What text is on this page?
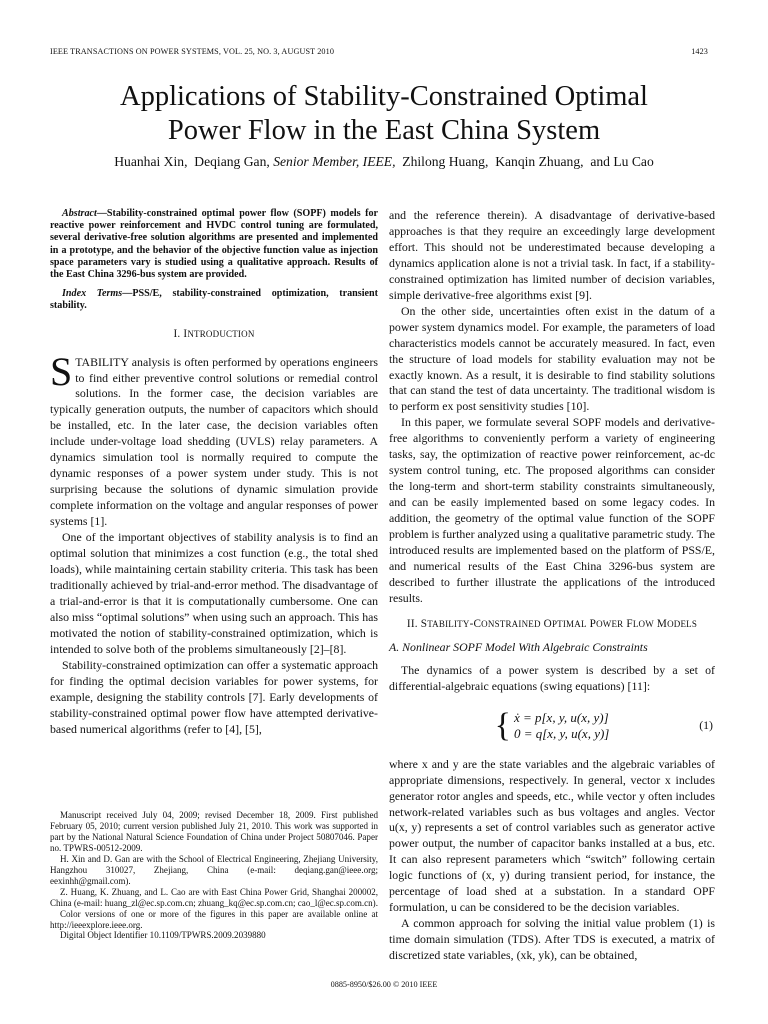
IEEE TRANSACTIONS ON POWER SYSTEMS, VOL. 25, NO. 3, AUGUST 2010	1423
Applications of Stability-Constrained Optimal
Power Flow in the East China System
Huanhai Xin, Deqiang Gan, Senior Member, IEEE, Zhilong Huang, Kanqin Zhuang, and Lu Cao
Abstract—Stability-constrained optimal power flow (SOPF) models for reactive power reinforcement and HVDC control tuning are formulated, several derivative-free solution algorithms are presented and implemented in a prototype, and the behavior of the objective function value as injection space parameters vary is studied using a qualitative approach. Results of the East China 3296-bus system are provided.
Index Terms—PSS/E, stability-constrained optimization, transient stability.
I. INTRODUCTION

STABILITY analysis is often performed by operations engineers to find either preventive control solutions or remedial control solutions. In the former case, the decision variables are typically generation outputs, the number of capacitors which should be installed, etc. In the later case, the decision variables often include under-voltage load shedding (UVLS) relay parameters. A dynamics simulation tool is normally required to compute the dynamic responses of a power system under study. This is not surprising because the solutions of dynamic simulation provide complete information on the voltage and angular responses of power systems [1].

One of the important objectives of stability analysis is to find an optimal solution that minimizes a cost function (e.g., the total shed loads), while maintaining certain stability criteria. This task has been traditionally achieved by trial-and-error method. The disadvantage of a trial-and-error is that it is computationally cumbersome. One can also miss “optimal solutions” when using such an approach. This has motivated the notion of stability-constrained optimization, which is intended to solve both of the problems simultaneously [2]–[8].

Stability-constrained optimization can offer a systematic approach for finding the optimal decision variables for power systems, for example, designing the stability controls [7]. Early developments of stability-constrained optimal power flow have attempted derivative-based numerical algorithms (refer to [4], [5],

Manuscript received July 04, 2009; revised December 18, 2009. First published February 05, 2010; current version published July 21, 2010. This work was supported in part by the National Natural Science Foundation of China under Project 50807046. Paper no. TPWRS-00512-2009.

H. Xin and D. Gan are with the School of Electrical Engineering, Zhejiang University, Hangzhou 310027, Zhejiang, China (e-mail: deqiang.gan@ieee.org; eexinhh@gmail.com).

Z. Huang, K. Zhuang, and L. Cao are with East China Power Grid, Shanghai 200002, China (e-mail: huang_zl@ec.sp.com.cn; zhuang_kq@ec.sp.com.cn; cao_l@ec.sp.com.cn).

Color versions of one or more of the figures in this paper are available online at http://ieeexplore.ieee.org.

Digital Object Identifier 10.1109/TPWRS.2009.2039880

and the reference therein). A disadvantage of derivative-based approaches is that they require an exceedingly large development effort. This should not be underestimated because developing a dynamics application alone is not a trivial task. In fact, if a stability-constrained optimization has limited number of decision variables, simple derivative-free algorithms exist [9].

On the other side, uncertainties often exist in the datum of a power system dynamics model. For example, the parameters of load characteristics models cannot be accurately measured. In fact, even the structure of load models for stability evaluation may not be exactly known. As a result, it is desirable to find stability solutions that can stand the test of data uncertainty. The traditional wisdom is to perform ex post sensitivity studies [10].

In this paper, we formulate several SOPF models and derivative-free algorithms to conveniently perform a variety of engineering tasks, say, the optimization of reactive power reinforcement, ac-dc system control tuning, etc. The proposed algorithms can consider the long-term and short-term stability constraints simultaneously, and can be easily implemented based on some legacy codes. In addition, the geometry of the optimal value function of the SOPF problem is further analyzed using a qualitative parametric study. The introduced results are implemented based on the platform of PSS/E, and numerical results of the East China 3296-bus system are described to further illustrate the applications of the introduced results.

II. STABILITY-CONSTRAINED OPTIMAL POWER FLOW MODELS
A. Nonlinear SOPF Model With Algebraic Constraints

The dynamics of a power system is described by a set of differential-algebraic equations (swing equations) [11]:

{ ẋ = p[x, y, u(x, y)]
0 = q[x, y, u(x, y)]
(1)

where x and y are the state variables and the algebraic variables of appropriate dimensions, respectively. In general, vector x includes generator rotor angles and speeds, etc., while vector y often includes network-related variables such as bus voltages and angles. Vector u(x, y) represents a set of control variables such as generator active power output, the number of capacitor banks installed at a bus, etc. It can also represent parameters which “switch” following certain logic functions of (x, y) during transient period, for instance, the percentage of load shed at a substation. In a standard OPF formulation, u can be considered to be the decision variables.

A common approach for solving the initial value problem (1) is time domain simulation (TDS). After TDS is executed, a matrix of discretized state variables, (xk, yk), can be obtained,

0885-8950/$26.00 © 2010 IEEE
